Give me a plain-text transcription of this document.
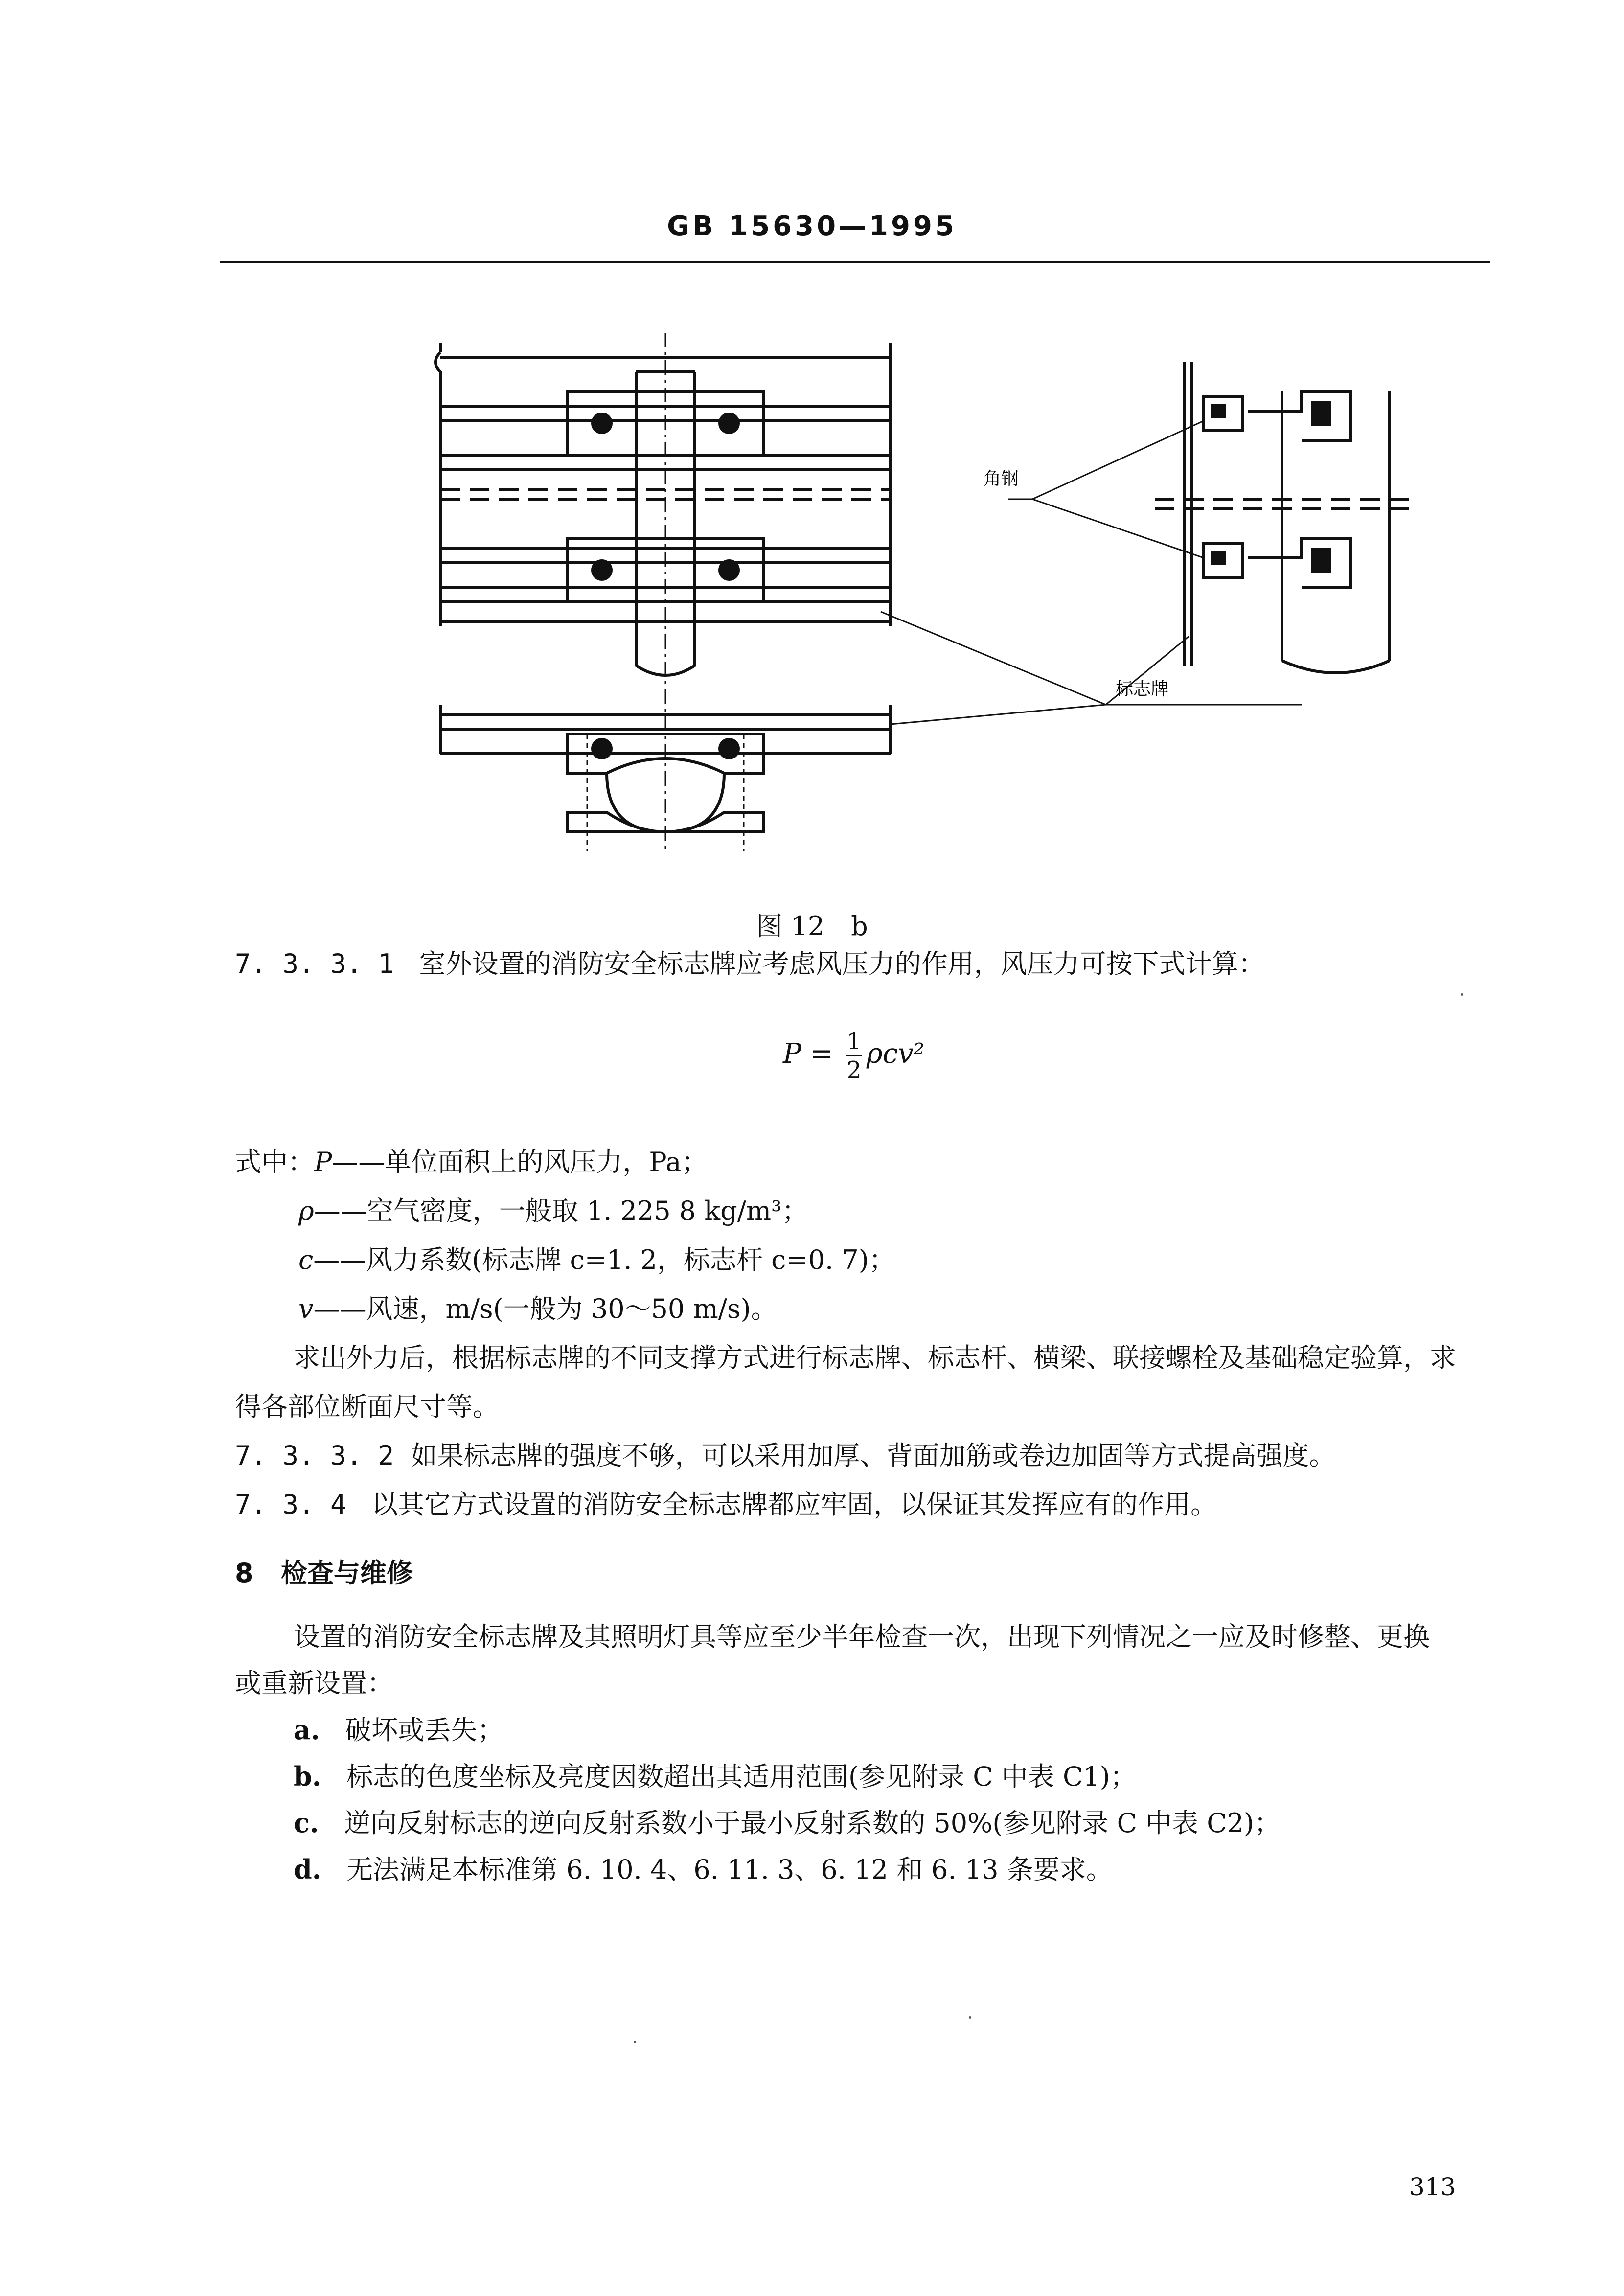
GB 15630—1995
角钢
标志牌
图 12　b
7. 3. 3. 1 室外设置的消防安全标志牌应考虑风压力的作用，风压力可按下式计算：
$P = \frac{1}{2} \rho cv^2$
式中：P——单位面积上的风压力，Pa；
ρ——空气密度，一般取 1. 225 8 kg/m³；
c——风力系数(标志牌 c=1. 2，标志杆 c=0. 7)；
v——风速，m/s(一般为 30～50 m/s)。
求出外力后，根据标志牌的不同支撑方式进行标志牌、标志杆、横梁、联接螺栓及基础稳定验算，求
得各部位断面尺寸等。
7. 3. 3. 2 如果标志牌的强度不够，可以采用加厚、背面加筋或卷边加固等方式提高强度。
7. 3. 4 以其它方式设置的消防安全标志牌都应牢固，以保证其发挥应有的作用。
8 检查与维修
设置的消防安全标志牌及其照明灯具等应至少半年检查一次，出现下列情况之一应及时修整、更换
或重新设置：
a. 破坏或丢失；
b. 标志的色度坐标及亮度因数超出其适用范围(参见附录 C 中表 C1)；
c. 逆向反射标志的逆向反射系数小于最小反射系数的 50%(参见附录 C 中表 C2)；
d. 无法满足本标准第 6. 10. 4、6. 11. 3、6. 12 和 6. 13 条要求。
313
